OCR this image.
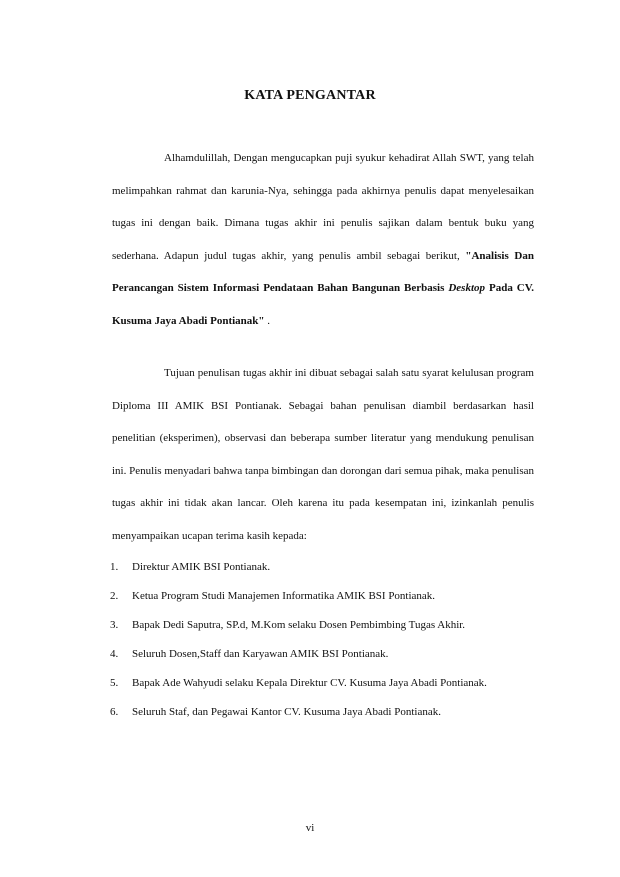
KATA PENGANTAR

Alhamdulillah, Dengan mengucapkan puji syukur kehadirat Allah SWT, yang telah melimpahkan rahmat dan karunia-Nya, sehingga pada akhirnya penulis dapat menyelesaikan tugas ini dengan baik. Dimana tugas akhir ini penulis sajikan dalam bentuk buku yang sederhana. Adapun judul tugas akhir, yang penulis ambil sebagai berikut, "Analisis Dan Perancangan Sistem Informasi Pendataan Bahan Bangunan Berbasis Desktop Pada CV. Kusuma Jaya Abadi Pontianak" .

Tujuan penulisan tugas akhir ini dibuat sebagai salah satu syarat kelulusan program Diploma III AMIK BSI Pontianak. Sebagai bahan penulisan diambil berdasarkan hasil penelitian (eksperimen), observasi dan beberapa sumber literatur yang mendukung penulisan ini. Penulis menyadari bahwa tanpa bimbingan dan dorongan dari semua pihak, maka penulisan tugas akhir ini tidak akan lancar. Oleh karena itu pada kesempatan ini, izinkanlah penulis menyampaikan ucapan terima kasih kepada:

1. Direktur AMIK BSI Pontianak.
2. Ketua Program Studi Manajemen Informatika AMIK BSI Pontianak.
3. Bapak Dedi Saputra, SP.d, M.Kom selaku Dosen Pembimbing Tugas Akhir.
4. Seluruh Dosen,Staff dan Karyawan AMIK BSI Pontianak.
5. Bapak Ade Wahyudi selaku Kepala Direktur CV. Kusuma Jaya Abadi Pontianak.
6. Seluruh Staf, dan Pegawai Kantor CV. Kusuma Jaya Abadi Pontianak.
vi
